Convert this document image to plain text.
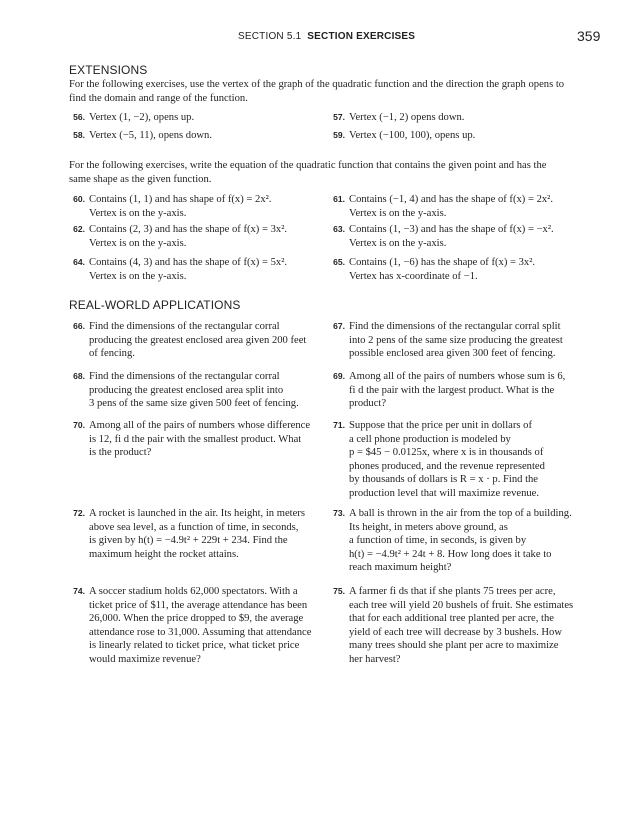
SECTION 5.1 SECTION EXERCISES	359
EXTENSIONS
For the following exercises, use the vertex of the graph of the quadratic function and the direction the graph opens to find the domain and range of the function.
56. Vertex (1, −2), opens up.	57. Vertex (−1, 2) opens down.
58. Vertex (−5, 11), opens down.	59. Vertex (−100, 100), opens up.
For the following exercises, write the equation of the quadratic function that contains the given point and has the same shape as the given function.
60. Contains (1, 1) and has shape of f(x) = 2x².
Vertex is on the y-axis.
61. Contains (−1, 4) and has the shape of f(x) = 2x².
Vertex is on the y-axis.
62. Contains (2, 3) and has the shape of f(x) = 3x².
Vertex is on the y-axis.
63. Contains (1, −3) and has the shape of f(x) = −x².
Vertex is on the y-axis.
64. Contains (4, 3) and has the shape of f(x) = 5x².
Vertex is on the y-axis.
65. Contains (1, −6) has the shape of f(x) = 3x².
Vertex has x-coordinate of −1.
REAL-WORLD APPLICATIONS
66. Find the dimensions of the rectangular corral
producing the greatest enclosed area given 200 feet
of fencing.
67. Find the dimensions of the rectangular corral split
into 2 pens of the same size producing the greatest
possible enclosed area given 300 feet of fencing.
68. Find the dimensions of the rectangular corral
producing the greatest enclosed area split into
3 pens of the same size given 500 feet of fencing.
69. Among all of the pairs of numbers whose sum is 6,
fi d the pair with the largest product. What is the
product?
70. Among all of the pairs of numbers whose difference
is 12, fi d the pair with the smallest product. What
is the product?
71. Suppose that the price per unit in dollars of
a cell phone production is modeled by
p = $45 − 0.0125x, where x is in thousands of
phones produced, and the revenue represented
by thousands of dollars is R = x · p. Find the
production level that will maximize revenue.
72. A rocket is launched in the air. Its height, in meters
above sea level, as a function of time, in seconds,
is given by h(t) = −4.9t² + 229t + 234. Find the
maximum height the rocket attains.
73. A ball is thrown in the air from the top of a building.
Its height, in meters above ground, as
a function of time, in seconds, is given by
h(t) = −4.9t² + 24t + 8. How long does it take to
reach maximum height?
74. A soccer stadium holds 62,000 spectators. With a
ticket price of $11, the average attendance has been
26,000. When the price dropped to $9, the average
attendance rose to 31,000. Assuming that attendance
is linearly related to ticket price, what ticket price
would maximize revenue?
75. A farmer fi ds that if she plants 75 trees per acre,
each tree will yield 20 bushels of fruit. She estimates
that for each additional tree planted per acre, the
yield of each tree will decrease by 3 bushels. How
many trees should she plant per acre to maximize
her harvest?
